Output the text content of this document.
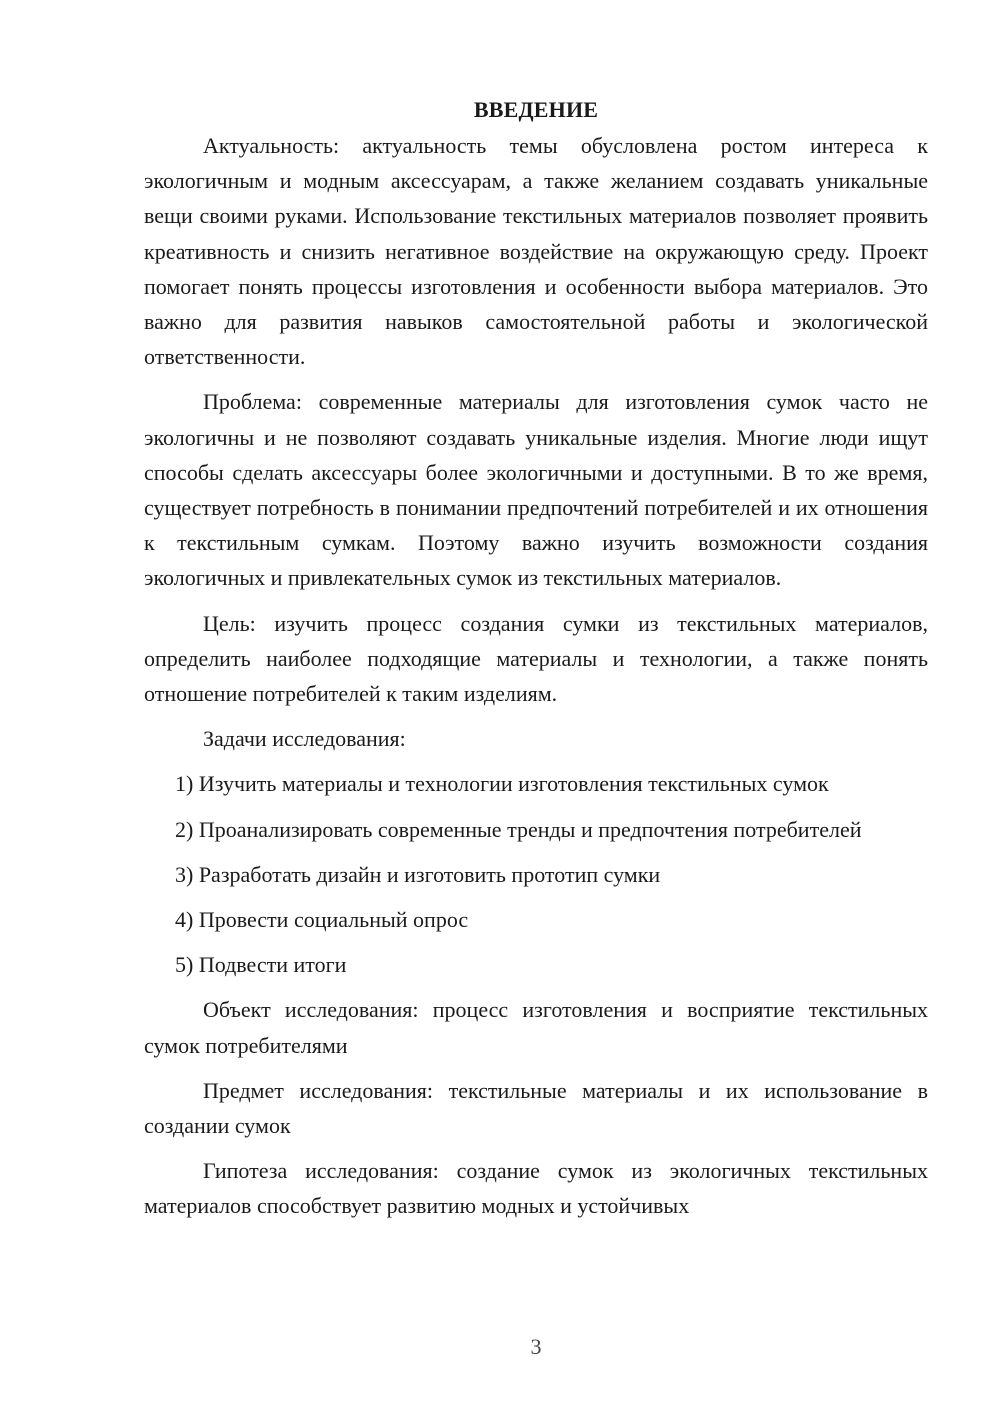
ВВЕДЕНИЕ

Актуальность: актуальность темы обусловлена ростом интереса к экологичным и модным аксессуарам, а также желанием создавать уникальные вещи своими руками. Использование текстильных материалов позволяет проявить креативность и снизить негативное воздействие на окружающую среду. Проект помогает понять процессы изготовления и особенности выбора материалов. Это важно для развития навыков самостоятельной работы и экологической ответственности.

Проблема: современные материалы для изготовления сумок часто не экологичны и не позволяют создавать уникальные изделия. Многие люди ищут способы сделать аксессуары более экологичными и доступными. В то же время, существует потребность в понимании предпочтений потребителей и их отношения к текстильным сумкам. Поэтому важно изучить возможности создания экологичных и привлекательных сумок из текстильных материалов.

Цель: изучить процесс создания сумки из текстильных материалов, определить наиболее подходящие материалы и технологии, а также понять отношение потребителей к таким изделиям.

Задачи исследования:

1) Изучить материалы и технологии изготовления текстильных сумок

2) Проанализировать современные тренды и предпочтения потребителей

3) Разработать дизайн и изготовить прототип сумки

4) Провести социальный опрос

5) Подвести итоги

Объект исследования: процесс изготовления и восприятие текстильных сумок потребителями

Предмет исследования: текстильные материалы и их использование в создании сумок

Гипотеза исследования: создание сумок из экологичных текстильных материалов способствует развитию модных и устойчивых

3
